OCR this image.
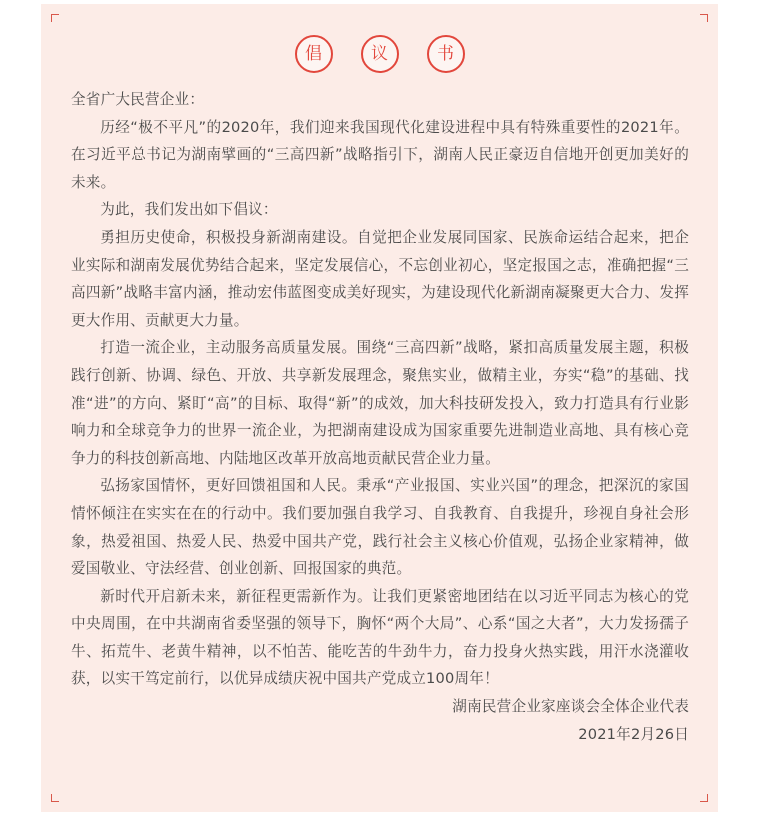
倡	议	书

全省广大民营企业：

历经“极不平凡”的2020年，我们迎来我国现代化建设进程中具有特殊重要性的2021年。在习近平总书记为湖南擘画的“三高四新”战略指引下，湖南人民正豪迈自信地开创更加美好的未来。

为此，我们发出如下倡议：

勇担历史使命，积极投身新湖南建设。自觉把企业发展同国家、民族命运结合起来，把企业实际和湖南发展优势结合起来，坚定发展信心，不忘创业初心，坚定报国之志，准确把握“三高四新”战略丰富内涵，推动宏伟蓝图变成美好现实，为建设现代化新湖南凝聚更大合力、发挥更大作用、贡献更大力量。

打造一流企业，主动服务高质量发展。围绕“三高四新”战略，紧扣高质量发展主题，积极践行创新、协调、绿色、开放、共享新发展理念，聚焦实业，做精主业，夯实“稳”的基础、找准“进”的方向、紧盯“高”的目标、取得“新”的成效，加大科技研发投入，致力打造具有行业影响力和全球竞争力的世界一流企业，为把湖南建设成为国家重要先进制造业高地、具有核心竞争力的科技创新高地、内陆地区改革开放高地贡献民营企业力量。

弘扬家国情怀，更好回馈祖国和人民。秉承“产业报国、实业兴国”的理念，把深沉的家国情怀倾注在实实在在的行动中。我们要加强自我学习、自我教育、自我提升，珍视自身社会形象，热爱祖国、热爱人民、热爱中国共产党，践行社会主义核心价值观，弘扬企业家精神，做爱国敬业、守法经营、创业创新、回报国家的典范。

新时代开启新未来，新征程更需新作为。让我们更紧密地团结在以习近平同志为核心的党中央周围，在中共湖南省委坚强的领导下，胸怀“两个大局”、心系“国之大者”，大力发扬孺子牛、拓荒牛、老黄牛精神，以不怕苦、能吃苦的牛劲牛力，奋力投身火热实践，用汗水浇灌收获，以实干笃定前行，以优异成绩庆祝中国共产党成立100周年！

湖南民营企业家座谈会全体企业代表

2021年2月26日
